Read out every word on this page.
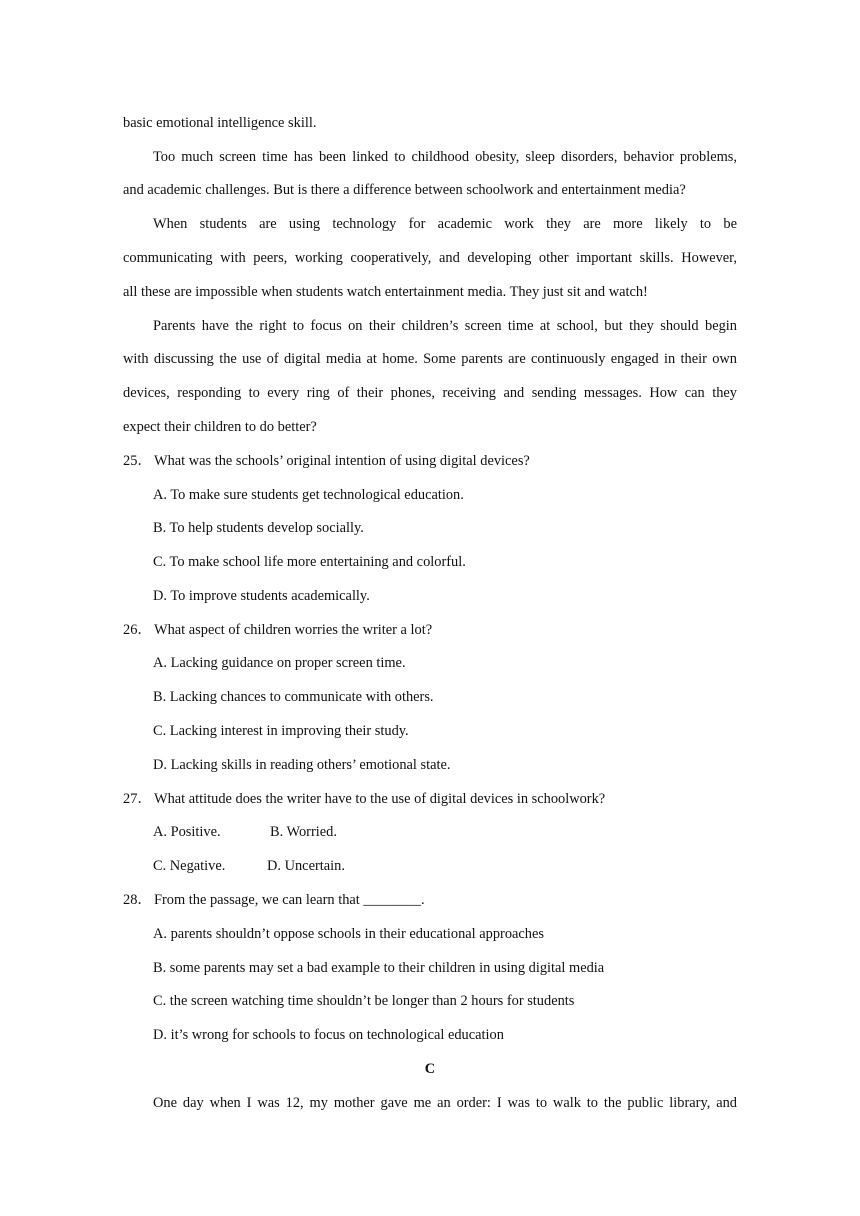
basic emotional intelligence skill.
Too much screen time has been linked to childhood obesity, sleep disorders, behavior problems,
and academic challenges. But is there a difference between schoolwork and entertainment media?
When students are using technology for academic work they are more likely to be
communicating with peers, working cooperatively, and developing other important skills. However,
all these are impossible when students watch entertainment media. They just sit and watch!
Parents have the right to focus on their children’s screen time at school, but they should begin
with discussing the use of digital media at home. Some parents are continuously engaged in their own
devices, responding to every ring of their phones, receiving and sending messages. How can they
expect their children to do better?
25． What was the schools’ original intention of using digital devices?
A. To make sure students get technological education.
B. To help students develop socially.
C. To make school life more entertaining and colorful.
D. To improve students academically.
26． What aspect of children worries the writer a lot?
A. Lacking guidance on proper screen time.
B. Lacking chances to communicate with others.
C. Lacking interest in improving their study.
D. Lacking skills in reading others’ emotional state.
27． What attitude does the writer have to the use of digital devices in schoolwork?
A. Positive.	B. Worried.
C. Negative.	D. Uncertain.
28． From the passage, we can learn that ________.
A. parents shouldn’t oppose schools in their educational approaches
B. some parents may set a bad example to their children in using digital media
C. the screen watching time shouldn’t be longer than 2 hours for students
D. it’s wrong for schools to focus on technological education
C
One day when I was 12, my mother gave me an order: I was to walk to the public library, and
